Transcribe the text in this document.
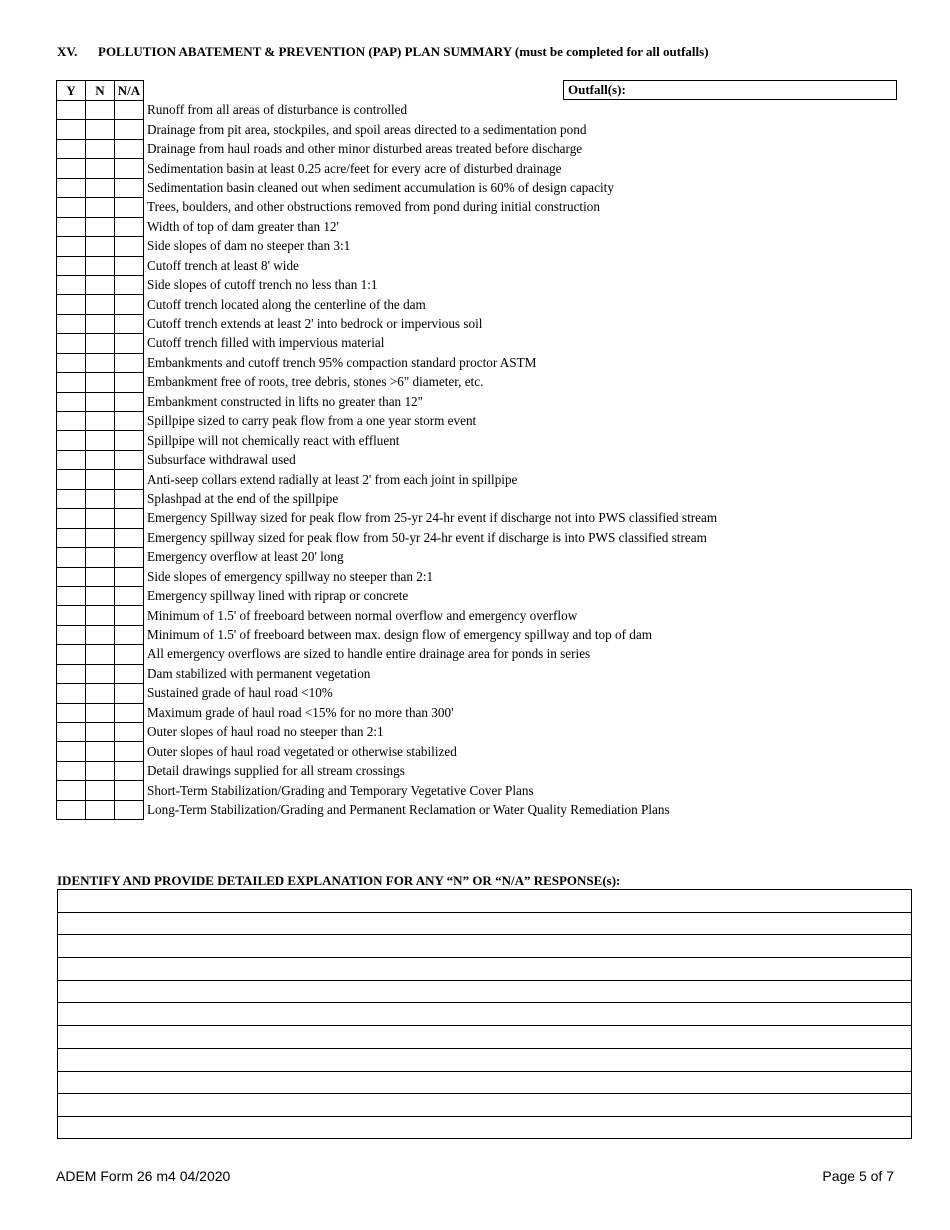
XV. POLLUTION ABATEMENT & PREVENTION (PAP) PLAN SUMMARY (must be completed for all outfalls)
Outfall(s):
Y	N	N/A	
			Runoff from all areas of disturbance is controlled
			Drainage from pit area, stockpiles, and spoil areas directed to a sedimentation pond
			Drainage from haul roads and other minor disturbed areas treated before discharge
			Sedimentation basin at least 0.25 acre/feet for every acre of disturbed drainage
			Sedimentation basin cleaned out when sediment accumulation is 60% of design capacity
			Trees, boulders, and other obstructions removed from pond during initial construction
			Width of top of dam greater than 12'
			Side slopes of dam no steeper than 3:1
			Cutoff trench at least 8' wide
			Side slopes of cutoff trench no less than 1:1
			Cutoff trench located along the centerline of the dam
			Cutoff trench extends at least 2' into bedrock or impervious soil
			Cutoff trench filled with impervious material
			Embankments and cutoff trench 95% compaction standard proctor ASTM
			Embankment free of roots, tree debris, stones >6" diameter, etc.
			Embankment constructed in lifts no greater than 12"
			Spillpipe sized to carry peak flow from a one year storm event
			Spillpipe will not chemically react with effluent
			Subsurface withdrawal used
			Anti-seep collars extend radially at least 2' from each joint in spillpipe
			Splashpad at the end of the spillpipe
			Emergency Spillway sized for peak flow from 25-yr 24-hr event if discharge not into PWS classified stream
			Emergency spillway sized for peak flow from 50-yr 24-hr event if discharge is into PWS classified stream
			Emergency overflow at least 20' long
			Side slopes of emergency spillway no steeper than 2:1
			Emergency spillway lined with riprap or concrete
			Minimum of 1.5' of freeboard between normal overflow and emergency overflow
			Minimum of 1.5' of freeboard between max. design flow of emergency spillway and top of dam
			All emergency overflows are sized to handle entire drainage area for ponds in series
			Dam stabilized with permanent vegetation
			Sustained grade of haul road <10%
			Maximum grade of haul road <15% for no more than 300'
			Outer slopes of haul road no steeper than 2:1
			Outer slopes of haul road vegetated or otherwise stabilized
			Detail drawings supplied for all stream crossings
			Short-Term Stabilization/Grading and Temporary Vegetative Cover Plans
			Long-Term Stabilization/Grading and Permanent Reclamation or Water Quality Remediation Plans
IDENTIFY AND PROVIDE DETAILED EXPLANATION FOR ANY “N” OR “N/A” RESPONSE(s):
ADEM Form 26 m4 04/2020	Page 5 of 7
